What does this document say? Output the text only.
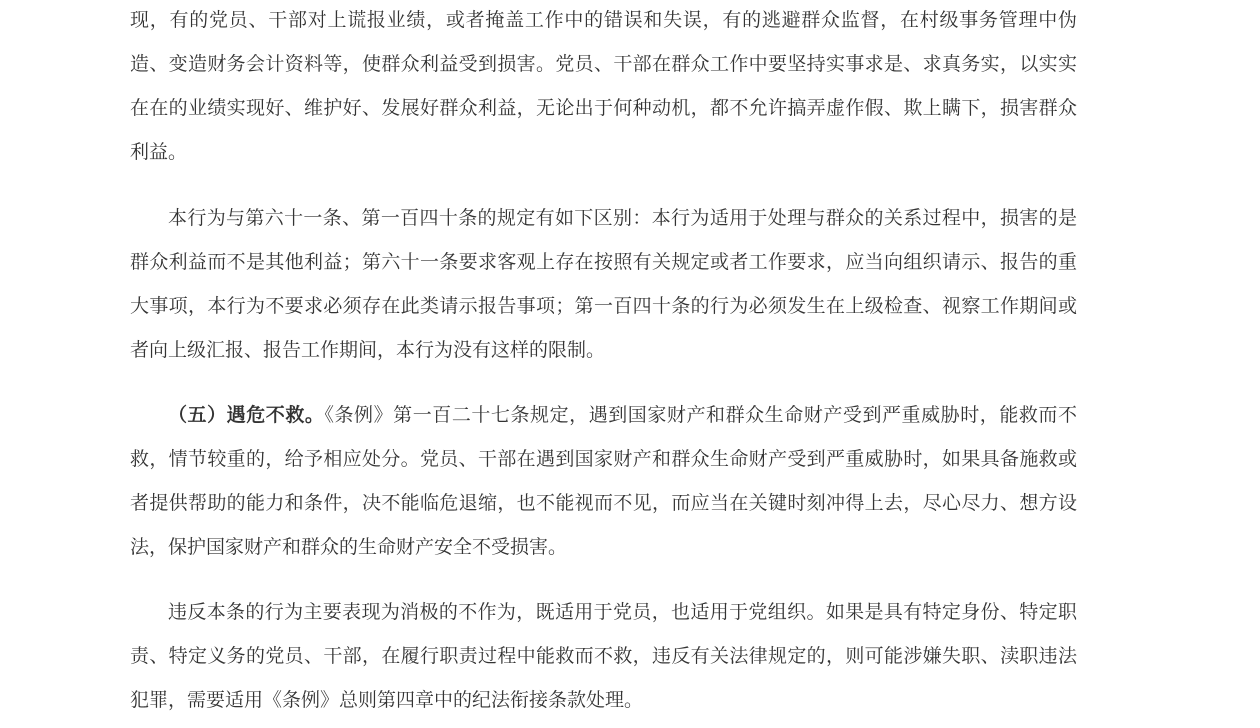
现，有的党员、干部对上谎报业绩，或者掩盖工作中的错误和失误，有的逃避群众监督，在村级事务管理中伪造、变造财务会计资料等，使群众利益受到损害。党员、干部在群众工作中要坚持实事求是、求真务实，以实实在在的业绩实现好、维护好、发展好群众利益，无论出于何种动机，都不允许搞弄虚作假、欺上瞒下，损害群众利益。

本行为与第六十一条、第一百四十条的规定有如下区别：本行为适用于处理与群众的关系过程中，损害的是群众利益而不是其他利益；第六十一条要求客观上存在按照有关规定或者工作要求，应当向组织请示、报告的重大事项，本行为不要求必须存在此类请示报告事项；第一百四十条的行为必须发生在上级检查、视察工作期间或者向上级汇报、报告工作期间，本行为没有这样的限制。

（五）遇危不救。《条例》第一百二十七条规定，遇到国家财产和群众生命财产受到严重威胁时，能救而不救，情节较重的，给予相应处分。党员、干部在遇到国家财产和群众生命财产受到严重威胁时，如果具备施救或者提供帮助的能力和条件，决不能临危退缩，也不能视而不见，而应当在关键时刻冲得上去，尽心尽力、想方设法，保护国家财产和群众的生命财产安全不受损害。

违反本条的行为主要表现为消极的不作为，既适用于党员，也适用于党组织。如果是具有特定身份、特定职责、特定义务的党员、干部，在履行职责过程中能救而不救，违反有关法律规定的，则可能涉嫌失职、渎职违法犯罪，需要适用《条例》总则第四章中的纪法衔接条款处理。
